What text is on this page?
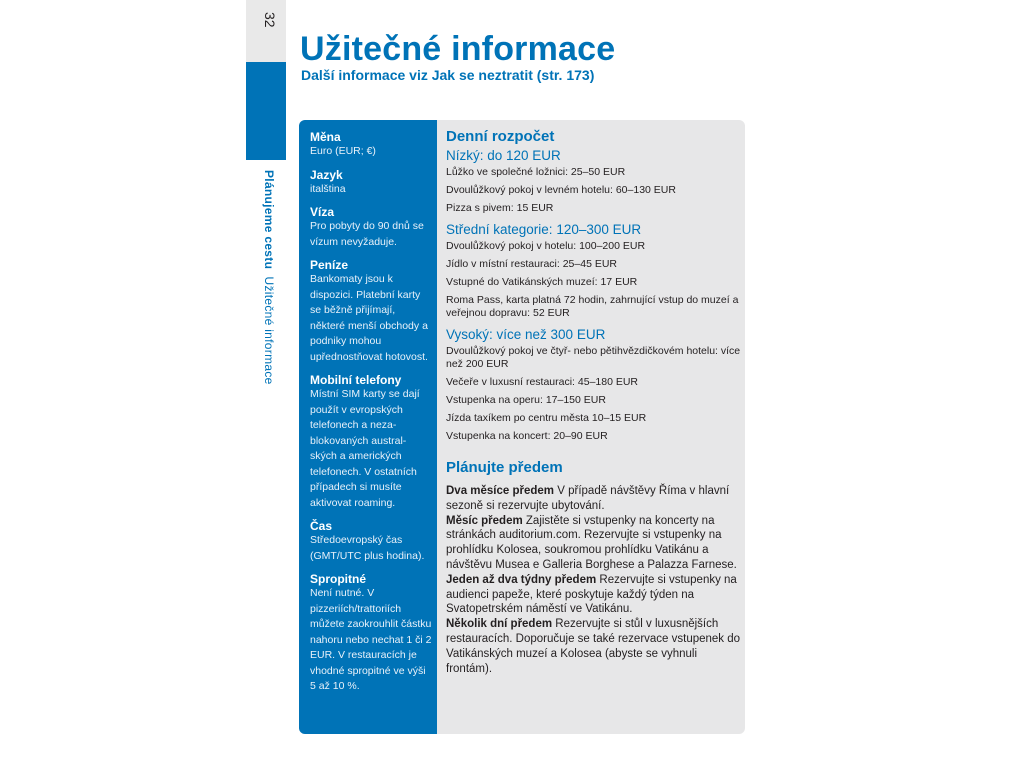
32
Plánujeme cestu  Užitečné informace
Užitečné informace
Další informace viz Jak se neztratit (str. 173)

Měna

Euro (EUR; €)

Jazyk

italština

Víza

Pro pobyty do 90 dnů se vízum nevyžaduje.

Peníze

Bankomaty jsou k dispozici. Platební karty se běžně přijímají, některé menší obchody a podniky mohou upřednostňovat hotovost.

Mobilní telefony

Místní SIM karty se dají použít v evropských telefonech a neza-blokovaných austral-ských a amerických telefonech. V ostatních případech si musíte aktivovat roaming.

Čas

Středoevropský čas (GMT/UTC plus hodina).

Spropitné

Není nutné. V pizzeriích/trattoriích můžete zaokrouhlit částku nahoru nebo nechat 1 či 2 EUR. V restauracích je vhodné spropitné ve výši 5 až 10 %.

Denní rozpočet

Nízký: do 120 EUR

Lůžko ve společné ložnici: 25–50 EUR

Dvoulůžkový pokoj v levném hotelu: 60–130 EUR

Pizza s pivem: 15 EUR

Střední kategorie: 120–300 EUR

Dvoulůžkový pokoj v hotelu: 100–200 EUR

Jídlo v místní restauraci: 25–45 EUR

Vstupné do Vatikánských muzeí: 17 EUR

Roma Pass, karta platná 72 hodin, zahrnující vstup do muzeí a veřejnou dopravu: 52 EUR

Vysoký: více než 300 EUR

Dvoulůžkový pokoj ve čtyř- nebo pětihvězdičkovém hotelu: více než 200 EUR

Večeře v luxusní restauraci: 45–180 EUR

Vstupenka na operu: 17–150 EUR

Jízda taxíkem po centru města 10–15 EUR

Vstupenka na koncert: 20–90 EUR

Plánujte předem

Dva měsíce předem V případě návštěvy Říma v hlavní sezoně si rezervujte ubytování.

Měsíc předem Zajistěte si vstupenky na koncerty na stránkách auditorium.com. Rezervujte si vstupenky na prohlídku Kolosea, soukromou prohlídku Vatikánu a návštěvu Musea e Galleria Borghese a Palazza Farnese.

Jeden až dva týdny předem Rezervujte si vstupenky na audienci papeže, které poskytuje každý týden na Svatopetrském náměstí ve Vatikánu.

Několik dní předem Rezervujte si stůl v luxusnějších restauracích. Doporučuje se také rezervace vstupenek do Vatikánských muzeí a Kolosea (abyste se vyhnuli frontám).
